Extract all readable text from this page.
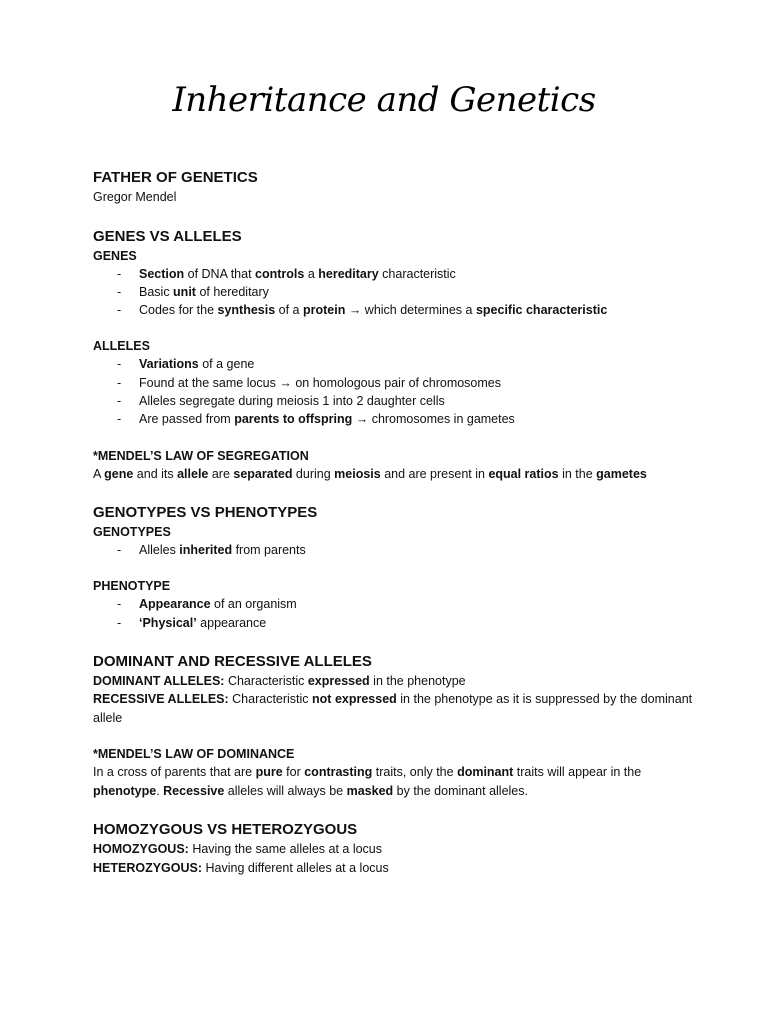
Inheritance and Genetics
FATHER OF GENETICS
Gregor Mendel
GENES VS ALLELES
GENES
- Section of DNA that controls a hereditary characteristic
- Basic unit of hereditary
- Codes for the synthesis of a protein → which determines a specific characteristic
ALLELES
- Variations of a gene
- Found at the same locus → on homologous pair of chromosomes
- Alleles segregate during meiosis 1 into 2 daughter cells
- Are passed from parents to offspring → chromosomes in gametes
*MENDEL’S LAW OF SEGREGATION
A gene and its allele are separated during meiosis and are present in equal ratios in the gametes
GENOTYPES VS PHENOTYPES
GENOTYPES
- Alleles inherited from parents
PHENOTYPE
- Appearance of an organism
- ‘Physical’ appearance
DOMINANT AND RECESSIVE ALLELES
DOMINANT ALLELES: Characteristic expressed in the phenotype
RECESSIVE ALLELES: Characteristic not expressed in the phenotype as it is suppressed by the dominant allele
*MENDEL’S LAW OF DOMINANCE
In a cross of parents that are pure for contrasting traits, only the dominant traits will appear in the phenotype. Recessive alleles will always be masked by the dominant alleles.
HOMOZYGOUS VS HETEROZYGOUS
HOMOZYGOUS: Having the same alleles at a locus
HETEROZYGOUS: Having different alleles at a locus
